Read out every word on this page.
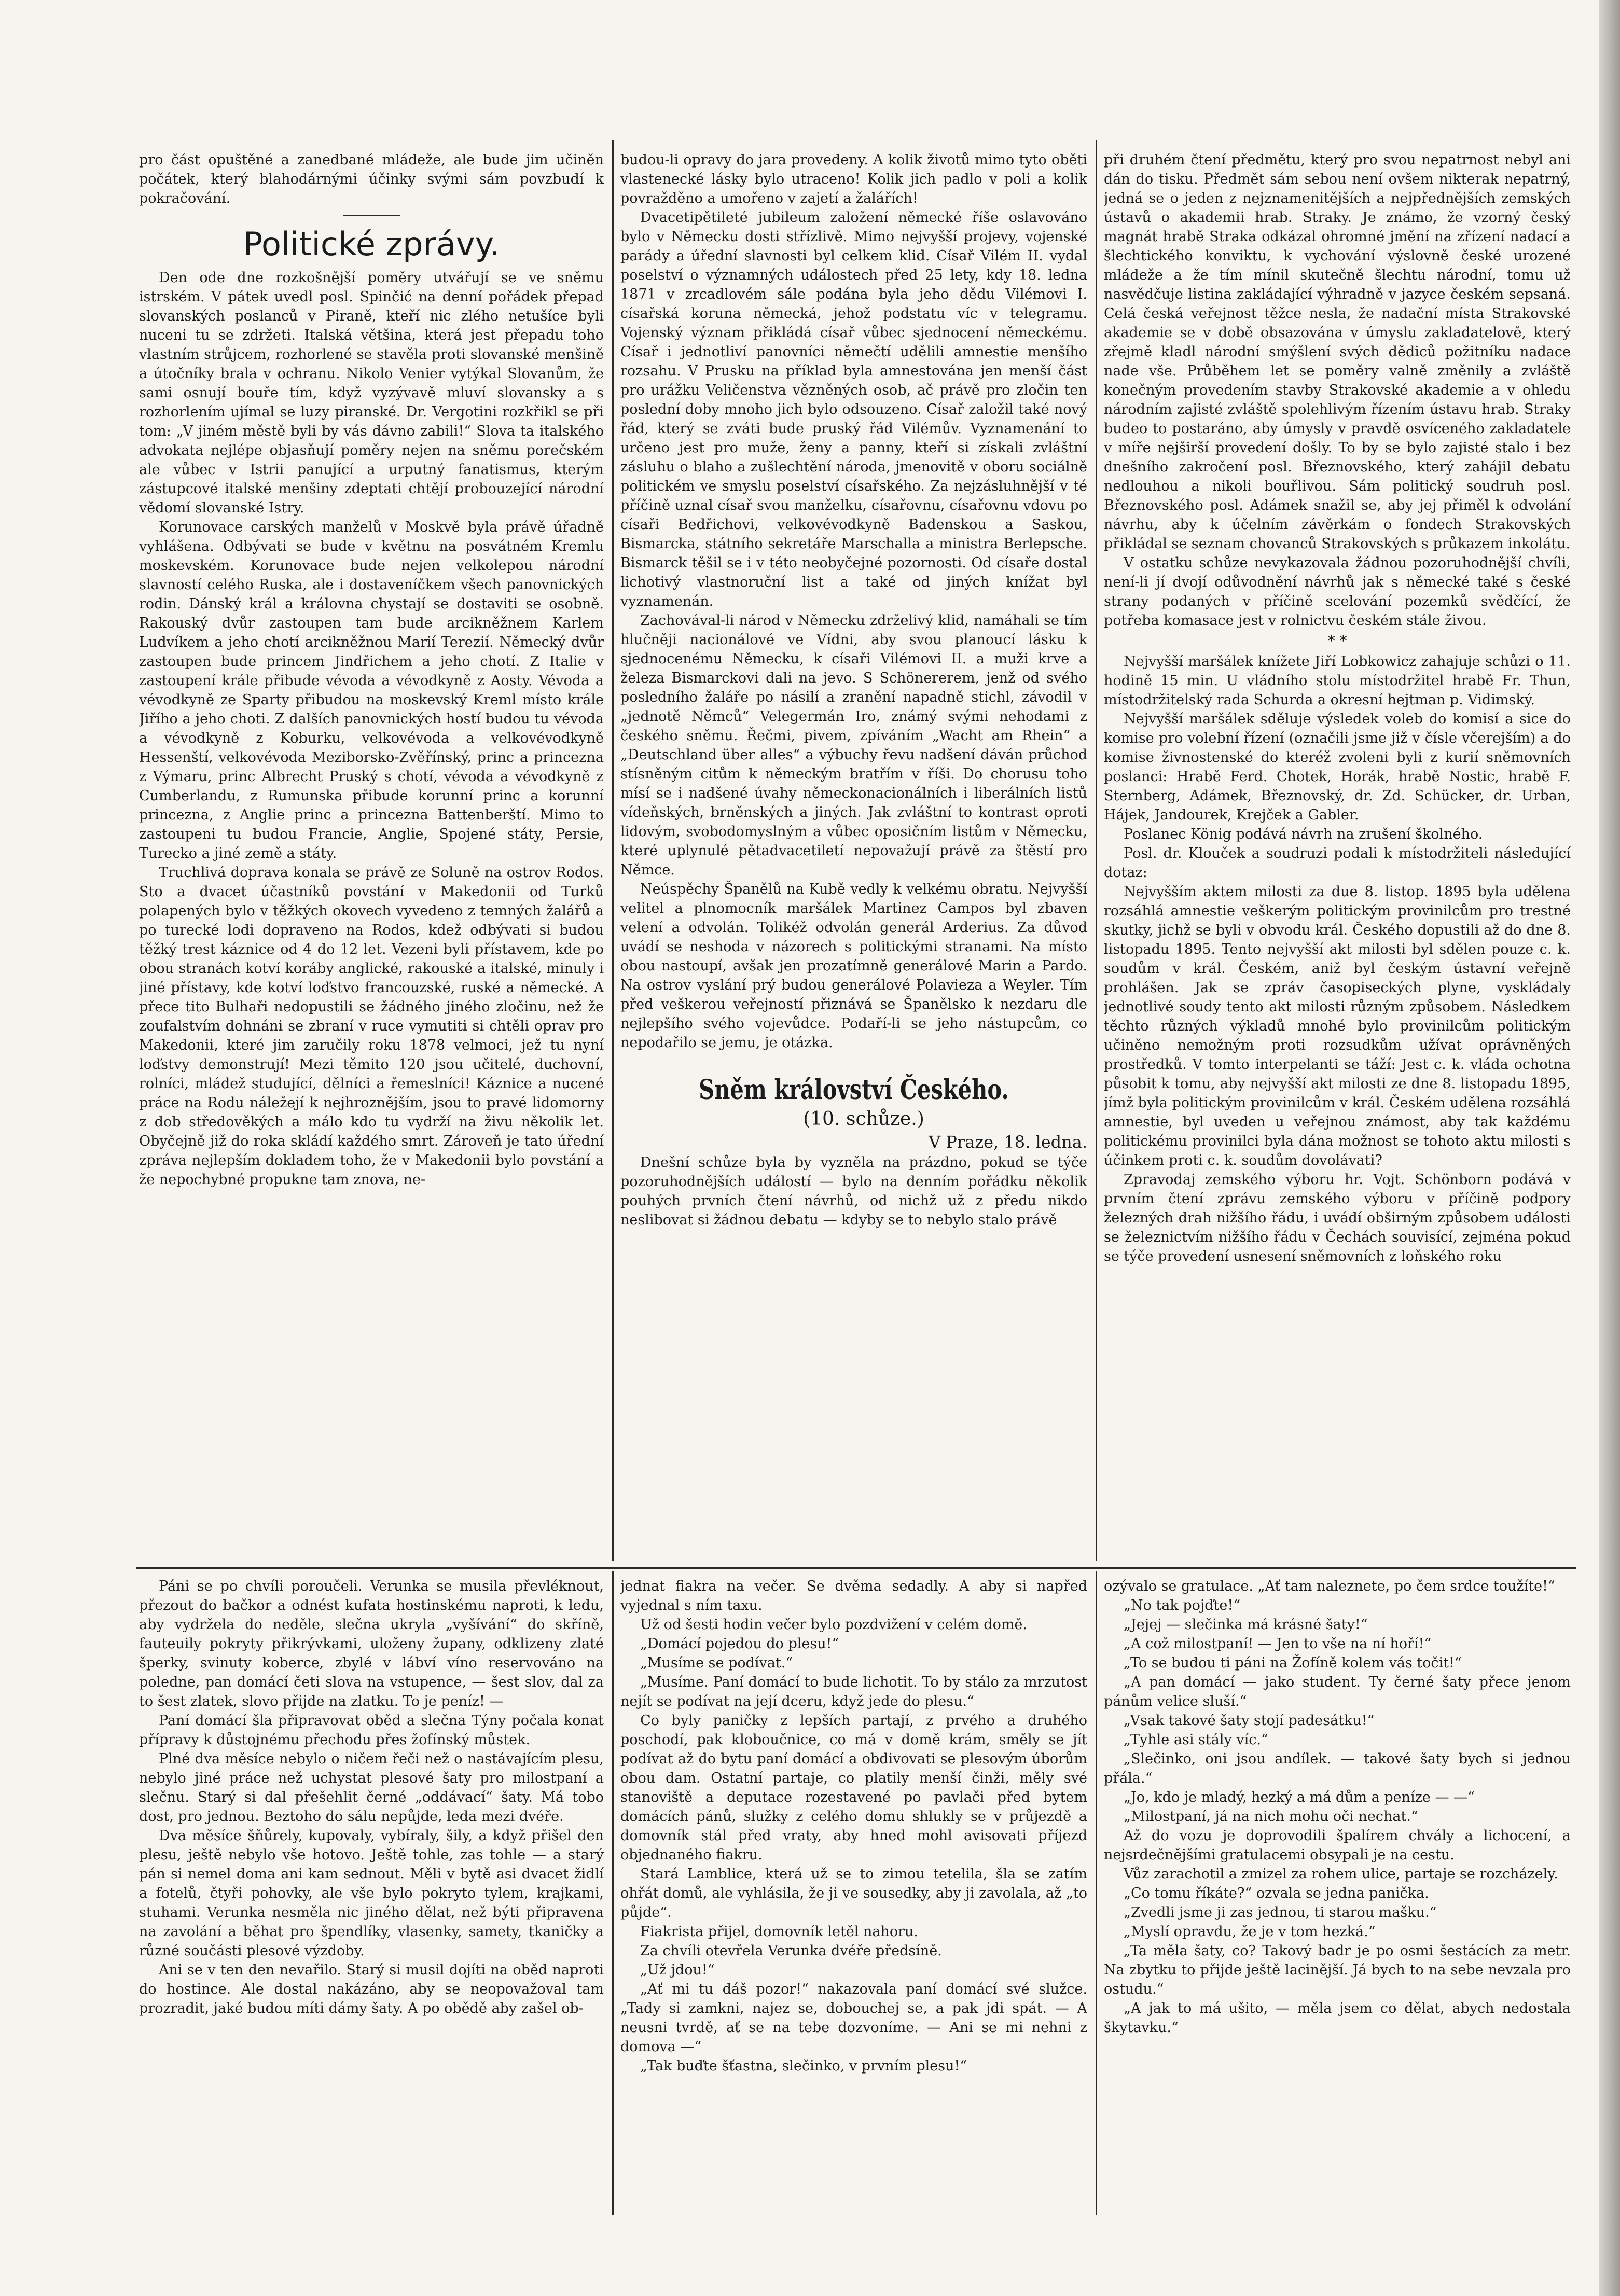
pro část opuštěné a zanedbané mládeže, ale bude jim učiněn počátek, který blahodárnými účinky svými sám povzbudí k pokračování.

Politické zprávy.

Den ode dne rozkošnější poměry utvářují se ve sněmu istrském. V pátek uvedl posl. Spinčić na denní pořádek přepad slovanských poslanců v Piraně, kteří nic zlého netušíce byli nuceni tu se zdržeti. Italská většina, která jest přepadu toho vlastním strůjcem, rozhorlené se stavěla proti slovanské menšině a útočníky brala v ochranu. Nikolo Venier vytýkal Slovanům, že sami osnují bouře tím, když vyzývavě mluví slovansky a s rozhorlením ujímal se luzy piranské. Dr. Vergotini rozkřikl se při tom: „V jiném městě byli by vás dávno zabili!“ Slova ta italského advokata nejlépe objasňují poměry nejen na sněmu porečském ale vůbec v Istrii panující a urputný fanatismus, kterým zástupcové italské menšiny zdeptati chtějí probouzející národní vědomí slovanské Istry.

Korunovace carských manželů v Moskvě byla právě úřadně vyhlášena. Odbývati se bude v květnu na posvátném Kremlu moskevském. Korunovace bude nejen velkolepou národní slavností celého Ruska, ale i dostaveníčkem všech panovnických rodin. Dánský král a královna chystají se dostaviti se osobně. Rakouský dvůr zastoupen tam bude arcikněžnem Karlem Ludvíkem a jeho chotí arcikněžnou Marií Terezií. Německý dvůr zastoupen bude princem Jindřichem a jeho chotí. Z Italie v zastoupení krále přibude vévoda a vévodkyně z Aosty. Vévoda a vévodkyně ze Sparty přibudou na moskevský Kreml místo krále Jiřího a jeho choti. Z dalších panovnických hostí budou tu vévoda a vévodkyně z Koburku, velkovévoda a velkovévodkyně Hessenští, velkovévoda Meziborsko-Zvěřínský, princ a princezna z Výmaru, princ Albrecht Pruský s chotí, vévoda a vévodkyně z Cumberlandu, z Rumunska přibude korunní princ a korunní princezna, z Anglie princ a princezna Battenberští. Mimo to zastoupeni tu budou Francie, Anglie, Spojené státy, Persie, Turecko a jiné země a státy.

Truchlivá doprava konala se právě ze Soluně na ostrov Rodos. Sto a dvacet účastníků povstání v Makedonii od Turků polapených bylo v těžkých okovech vyvedeno z temných žalářů a po turecké lodi dopraveno na Rodos, kdež odbývati si budou těžký trest káznice od 4 do 12 let. Vezeni byli přístavem, kde po obou stranách kotví koráby anglické, rakouské a italské, minuly i jiné přístavy, kde kotví loďstvo francouzské, ruské a německé. A přece tito Bulhaři nedopustili se žádného jiného zločinu, než že zoufalstvím dohnáni se zbraní v ruce vymutiti si chtěli oprav pro Makedonii, které jim zaručily roku 1878 velmoci, jež tu nyní loďstvy demonstrují! Mezi těmito 120 jsou učitelé, duchovní, rolníci, mládež studující, dělníci a řemeslníci! Káznice a nucené práce na Rodu náležejí k nejhroznějším, jsou to pravé lidomorny z dob středověkých a málo kdo tu vydrží na živu několik let. Obyčejně již do roka skládí každého smrt. Zároveň je tato úřední zpráva nejlepším dokladem toho, že v Makedonii bylo povstání a že nepochybné propukne tam znova, ne-

budou-li opravy do jara provedeny. A kolik životů mimo tyto oběti vlastenecké lásky bylo utraceno! Kolik jich padlo v poli a kolik povražděno a umořeno v zajetí a žalářích!

Dvacetipětileté jubileum založení německé říše oslavováno bylo v Německu dosti střízlivě. Mimo nejvyšší projevy, vojenské parády a úřední slavnosti byl celkem klid. Císař Vilém II. vydal poselství o významných událostech před 25 lety, kdy 18. ledna 1871 v zrcadlovém sále podána byla jeho dědu Vilémovi I. císařská koruna německá, jehož podstatu víc v telegramu. Vojenský význam přikládá císař vůbec sjednocení německému. Císař i jednotliví panovníci němečtí udělili amnestie menšího rozsahu. V Prusku na příklad byla amnestována jen menší část pro urážku Veličenstva vězněných osob, ač právě pro zločin ten poslední doby mnoho jich bylo odsouzeno. Císař založil také nový řád, který se zváti bude pruský řád Vilémův. Vyznamenání to určeno jest pro muže, ženy a panny, kteří si získali zvláštní zásluhu o blaho a zušlechtění národa, jmenovitě v oboru sociálně politickém ve smyslu poselství císařského. Za nejzásluhnější v té příčině uznal císař svou manželku, císařovnu, císařovnu vdovu po císaři Bedřichovi, velkovévodkyně Badenskou a Saskou, Bismarcka, státního sekretáře Marschalla a ministra Berlepsche. Bismarck těšil se i v této neobyčejné pozornosti. Od císaře dostal lichotivý vlastnoruční list a také od jiných knížat byl vyznamenán.

Zachovával-li národ v Německu zdrželivý klid, namáhali se tím hlučněji nacionálové ve Vídni, aby svou planoucí lásku k sjednocenému Německu, k císaři Vilémovi II. a muži krve a železa Bismarckovi dali na jevo. S Schönererem, jenž od svého posledního žaláře po násilí a zranění napadně stichl, závodil v „jednotě Němců“ Velegermán Iro, známý svými nehodami z českého sněmu. Řečmi, pivem, zpíváním „Wacht am Rhein“ a „Deutschland über alles“ a výbuchy řevu nadšení dáván průchod stísněným citům k německým bratřím v říši. Do chorusu toho mísí se i nadšené úvahy německonacionálních i liberálních listů vídeňských, brněnských a jiných. Jak zvláštní to kontrast oproti lidovým, svobodomyslným a vůbec oposičním listům v Německu, které uplynulé pětadvacetiletí nepovažují právě za štěstí pro Němce.

Neúspěchy Španělů na Kubě vedly k velkému obratu. Nejvyšší velitel a plnomocník maršálek Martinez Campos byl zbaven velení a odvolán. Tolikéž odvolán generál Arderius. Za důvod uvádí se neshoda v názorech s politickými stranami. Na místo obou nastoupí, avšak jen prozatímně generálové Marin a Pardo. Na ostrov vyslání prý budou generálové Polavieza a Weyler. Tím před veškerou veřejností přiznává se Španělsko k nezdaru dle nejlepšího svého vojevůdce. Podaří-li se jeho nástupcům, co nepodařilo se jemu, je otázka.

Sněm království Českého.

(10. schůze.)

V Praze, 18. ledna.

Dnešní schůze byla by vyzněla na prázdno, pokud se týče pozoruhodnějších událostí — bylo na denním pořádku několik pouhých prvních čtení návrhů, od nichž už z předu nikdo neslibovat si žádnou debatu — kdyby se to nebylo stalo právě

při druhém čtení předmětu, který pro svou nepatrnost nebyl ani dán do tisku. Předmět sám sebou není ovšem nikterak nepatrný, jedná se o jeden z nejznamenitějších a nejpřednějších zemských ústavů o akademii hrab. Straky. Je známo, že vzorný český magnát hrabě Straka odkázal ohromné jmění na zřízení nadací a šlechtického konviktu, k vychování výslovně české urozené mládeže a že tím mínil skutečně šlechtu národní, tomu už nasvědčuje listina zakládající výhradně v jazyce českém sepsaná. Celá česká veřejnost těžce nesla, že nadační místa Strakovské akademie se v době obsazována v úmyslu zakladatelově, který zřejmě kladl národní smýšlení svých dědiců požitníku nadace nade vše. Průběhem let se poměry valně změnily a zvláště konečným provedením stavby Strakovské akademie a v ohledu národním zajisté zvláště spolehlivým řízením ústavu hrab. Straky budeo to postaráno, aby úmysly v pravdě osvíceného zakladatele v míře nejširší provedení došly. To by se bylo zajisté stalo i bez dnešního zakročení posl. Březnovského, který zahájil debatu nedlouhou a nikoli bouřlivou. Sám politický soudruh posl. Březnovského posl. Adámek snažil se, aby jej přiměl k odvolání návrhu, aby k účelním závěrkám o fondech Strakovských přikládal se seznam chovanců Strakovských s průkazem inkolátu.

V ostatku schůze nevykazovala žádnou pozoruhodnější chvíli, není-li jí dvojí odůvodnění návrhů jak s německé také s české strany podaných v příčině scelování pozemků svědčící, že potřeba komasace jest v rolnictvu českém stále živou.

* *

Nejvyšší maršálek knížete Jiří Lobkowicz zahajuje schůzi o 11. hodině 15 min. U vládního stolu místodržitel hrabě Fr. Thun, místodržitelský rada Schurda a okresní hejtman p. Vidimský.

Nejvyšší maršálek sděluje výsledek voleb do komisí a sice do komise pro volební řízení (označili jsme již v čísle včerejším) a do komise živnostenské do kteréž zvoleni byli z kurií sněmovních poslanci: Hrabě Ferd. Chotek, Horák, hrabě Nostic, hrabě F. Sternberg, Adámek, Březnovský, dr. Zd. Schücker, dr. Urban, Hájek, Jandourek, Krejček a Gabler.

Poslanec König podává návrh na zrušení školného.

Posl. dr. Klouček a soudruzi podali k místodržiteli následující dotaz:

Nejvyšším aktem milosti za due 8. listop. 1895 byla udělena rozsáhlá amnestie veškerým politickým provinilcům pro trestné skutky, jichž se byli v obvodu král. Českého dopustili až do dne 8. listopadu 1895. Tento nejvyšší akt milosti byl sdělen pouze c. k. soudům v král. Českém, aniž byl českým ústavní veřejně prohlášen. Jak se zpráv časopiseckých plyne, vyskládaly jednotlivé soudy tento akt milosti různým způsobem. Následkem těchto různých výkladů mnohé bylo provinilcům politickým učiněno nemožným proti rozsudkům užívat oprávněných prostředků. V tomto interpelanti se táží: Jest c. k. vláda ochotna působit k tomu, aby nejvyšší akt milosti ze dne 8. listopadu 1895, jímž byla politickým provinilcům v král. Českém udělena rozsáhlá amnestie, byl uveden u veřejnou známost, aby tak každému politickému provinilci byla dána možnost se tohoto aktu milosti s účinkem proti c. k. soudům dovolávati?

Zpravodaj zemského výboru hr. Vojt. Schönborn podává v prvním čtení zprávu zemského výboru v příčině podpory železných drah nižšího řádu, i uvádí obširným způsobem události se železnictvím nižšího řádu v Čechách souvisící, zejména pokud se týče provedení usnesení sněmovních z loňského roku

Páni se po chvíli poroučeli. Verunka se musila převléknout, přezout do bačkor a odnést kufata hostinskému naproti, k ledu, aby vydržela do neděle, slečna ukryla „vyšívání“ do skříně, fauteuily pokryty přikrývkami, uloženy župany, odklizeny zlaté šperky, svinuty koberce, zbylé v lábví víno reservováno na poledne, pan domácí četi slova na vstupence, — šest slov, dal za to šest zlatek, slovo přijde na zlatku. To je peníz! —

Paní domácí šla připravovat oběd a slečna Týny počala konat přípravy k důstojnému přechodu přes žofínský můstek.

Plné dva měsíce nebylo o ničem řeči než o nastávajícím plesu, nebylo jiné práce než uchystat plesové šaty pro milostpaní a slečnu. Starý si dal přešehlit černé „oddávací“ šaty. Má tobo dost, pro jednou. Beztoho do sálu nepůjde, leda mezi dvéře.

Dva měsíce šňůrely, kupovaly, vybíraly, šily, a když přišel den plesu, ještě nebylo vše hotovo. Ještě tohle, zas tohle — a starý pán si nemel doma ani kam sednout. Měli v bytě asi dvacet židlí a fotelů, čtyři pohovky, ale vše bylo pokryto tylem, krajkami, stuhami. Verunka nesměla nic jiného dělat, než býti připravena na zavolání a běhat pro špendlíky, vlasenky, samety, tkaničky a různé součásti plesové výzdoby.

Ani se v ten den nevařilo. Starý si musil dojíti na oběd naproti do hostince. Ale dostal nakázáno, aby se neopovažoval tam prozradit, jaké budou míti dámy šaty. A po obědě aby zašel ob-

jednat fiakra na večer. Se dvěma sedadly. A aby si napřed vyjednal s ním taxu.

Už od šesti hodin večer bylo pozdvižení v celém domě.

„Domácí pojedou do plesu!“

„Musíme se podívat.“

„Musíme. Paní domácí to bude lichotit. To by stálo za mrzutost nejít se podívat na její dceru, když jede do plesu.“

Co byly paničky z lepších partají, z prvého a druhého poschodí, pak kloboučnice, co má v domě krám, směly se jít podívat až do bytu paní domácí a obdivovati se plesovým úborům obou dam. Ostatní partaje, co platily menší činži, měly své stanoviště a deputace rozestavené po pavlači před bytem domácích pánů, služky z celého domu shlukly se v průjezdě a domovník stál před vraty, aby hned mohl avisovati příjezd objednaného fiakru.

Stará Lamblice, která už se to zimou tetelila, šla se zatím ohřát domů, ale vyhlásila, že ji ve sousedky, aby ji zavolala, až „to půjde“.

Fiakrista přijel, domovník letěl nahoru.

Za chvíli otevřela Verunka dvéře předsíně.

„Už jdou!“

„Ať mi tu dáš pozor!“ nakazovala paní domácí své služce. „Tady si zamkni, najez se, dobouchej se, a pak jdi spát. — A neusni tvrdě, ať se na tebe dozvoníme. — Ani se mi nehni z domova —“

„Tak buďte šťastna, slečinko, v prvním plesu!“

ozývalo se gratulace. „Ať tam naleznete, po čem srdce toužíte!“

„No tak pojďte!“

„Jejej — slečinka má krásné šaty!“

„A což milostpaní! — Jen to vše na ní hoří!“

„To se budou ti páni na Žofíně kolem vás točit!“

„A pan domácí — jako student. Ty černé šaty přece jenom pánům velice sluší.“

„Vsak takové šaty stojí padesátku!“

„Tyhle asi stály víc.“

„Slečinko, oni jsou andílek. — takové šaty bych si jednou přála.“

„Jo, kdo je mladý, hezký a má dům a peníze — —“

„Milostpaní, já na nich mohu oči nechat.“

Až do vozu je doprovodili špalírem chvály a lichocení, a nejsrdečnějšími gratulacemi obsypali je na cestu.

Vůz zarachotil a zmizel za rohem ulice, partaje se rozcházely.

„Co tomu říkáte?“ ozvala se jedna panička.

„Zvedli jsme ji zas jednou, ti starou mašku.“

„Myslí opravdu, že je v tom hezká.“

„Ta měla šaty, co? Takový badr je po osmi šestácích za metr. Na zbytku to přijde ještě lacinější. Já bych to na sebe nevzala pro ostudu.“

„A jak to má ušito, — měla jsem co dělat, abych nedostala škytavku.“
